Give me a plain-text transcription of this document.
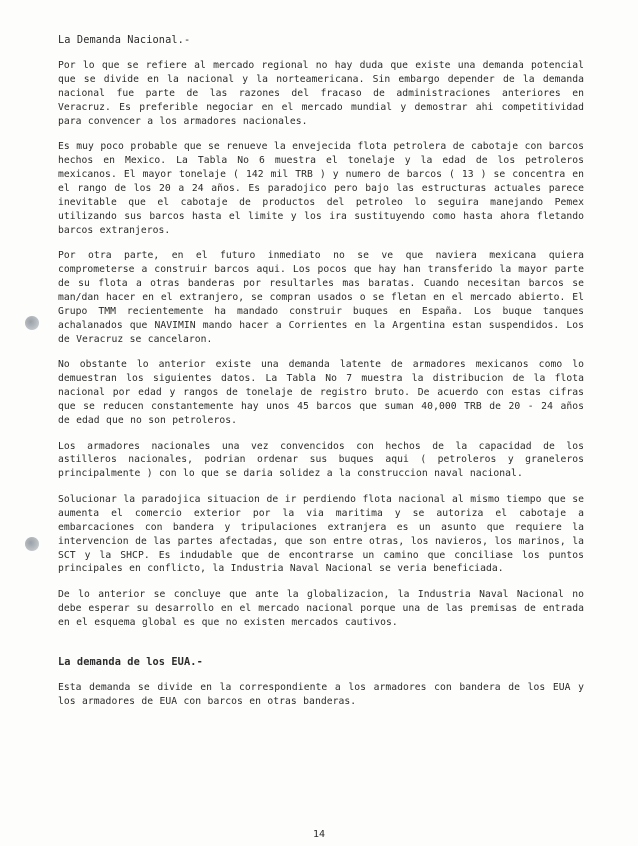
La Demanda Nacional.-

Por lo que se refiere al mercado regional no hay duda que existe una demanda potencial que se divide en la nacional y la norteamericana. Sin embargo depender de la demanda nacional fue parte de las razones del fracaso de administraciones anteriores en Veracruz. Es preferible negociar en el mercado mundial y demostrar ahi competitividad para convencer a los armadores nacionales.

Es muy poco probable que se renueve la envejecida flota petrolera de cabotaje con barcos hechos en Mexico. La Tabla No 6 muestra el tonelaje y la edad de los petroleros mexicanos. El mayor tonelaje ( 142 mil TRB ) y numero de barcos ( 13 ) se concentra en el rango de los 20 a 24 años. Es paradojico pero bajo las estructuras actuales parece inevitable que el cabotaje de productos del petroleo lo seguira manejando Pemex utilizando sus barcos hasta el limite y los ira sustituyendo como hasta ahora fletando barcos extranjeros.

Por otra parte, en el futuro inmediato no se ve que naviera mexicana quiera comprometerse a construir barcos aqui. Los pocos que hay han transferido la mayor parte de su flota a otras banderas por resultarles mas baratas. Cuando necesitan barcos se man/dan hacer en el extranjero, se compran usados o se fletan en el mercado abierto. El Grupo TMM recientemente ha mandado construir buques en España. Los buque tanques achalanados que NAVIMIN mando hacer a Corrientes en la Argentina estan suspendidos. Los de Veracruz se cancelaron.

No obstante lo anterior existe una demanda latente de armadores mexicanos como lo demuestran los siguientes datos. La Tabla No 7 muestra la distribucion de la flota nacional por edad y rangos de tonelaje de registro bruto. De acuerdo con estas cifras que se reducen constantemente hay unos 45 barcos que suman 40,000 TRB de 20 - 24 años de edad que no son petroleros.

Los armadores nacionales una vez convencidos con hechos de la capacidad de los astilleros nacionales, podrian ordenar sus buques aqui ( petroleros y graneleros principalmente ) con lo que se daria solidez a la construccion naval nacional.

Solucionar la paradojica situacion de ir perdiendo flota nacional al mismo tiempo que se aumenta el comercio exterior por la via maritima y se autoriza el cabotaje a embarcaciones con bandera y tripulaciones extranjera es un asunto que requiere la intervencion de las partes afectadas, que son entre otras, los navieros, los marinos, la SCT y la SHCP. Es indudable que de encontrarse un camino que conciliase los puntos principales en conflicto, la Industria Naval Nacional se veria beneficiada.

De lo anterior se concluye que ante la globalizacion, la Industria Naval Nacional no debe esperar su desarrollo en el mercado nacional porque una de las premisas de entrada en el esquema global es que no existen mercados cautivos.

La demanda de los EUA.-

Esta demanda se divide en la correspondiente a los armadores con bandera de los EUA y los armadores de EUA con barcos en otras banderas.

14
